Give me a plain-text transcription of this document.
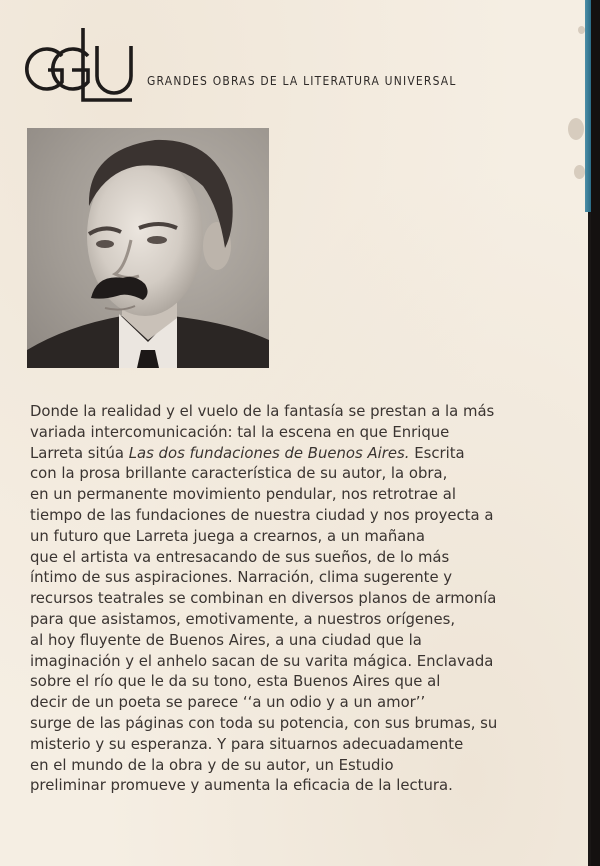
GRANDES OBRAS DE LA LITERATURA UNIVERSAL
Donde la realidad y el vuelo de la fantasía se prestan a la más
variada intercomunicación: tal la escena en que Enrique
Larreta sitúa Las dos fundaciones de Buenos Aires. Escrita
con la prosa brillante característica de su autor, la obra,
en un permanente movimiento pendular, nos retrotrae al
tiempo de las fundaciones de nuestra ciudad y nos proyecta a
un futuro que Larreta juega a crearnos, a un mañana
que el artista va entresacando de sus sueños, de lo más
íntimo de sus aspiraciones. Narración, clima sugerente y
recursos teatrales se combinan en diversos planos de armonía
para que asistamos, emotivamente, a nuestros orígenes,
al hoy fluyente de Buenos Aires, a una ciudad que la
imaginación y el anhelo sacan de su varita mágica. Enclavada
sobre el río que le da su tono, esta Buenos Aires que al
decir de un poeta se parece ‘‘a un odio y a un amor’’
surge de las páginas con toda su potencia, con sus brumas, su
misterio y su esperanza. Y para situarnos adecuadamente
en el mundo de la obra y de su autor, un Estudio
preliminar promueve y aumenta la eficacia de la lectura.
